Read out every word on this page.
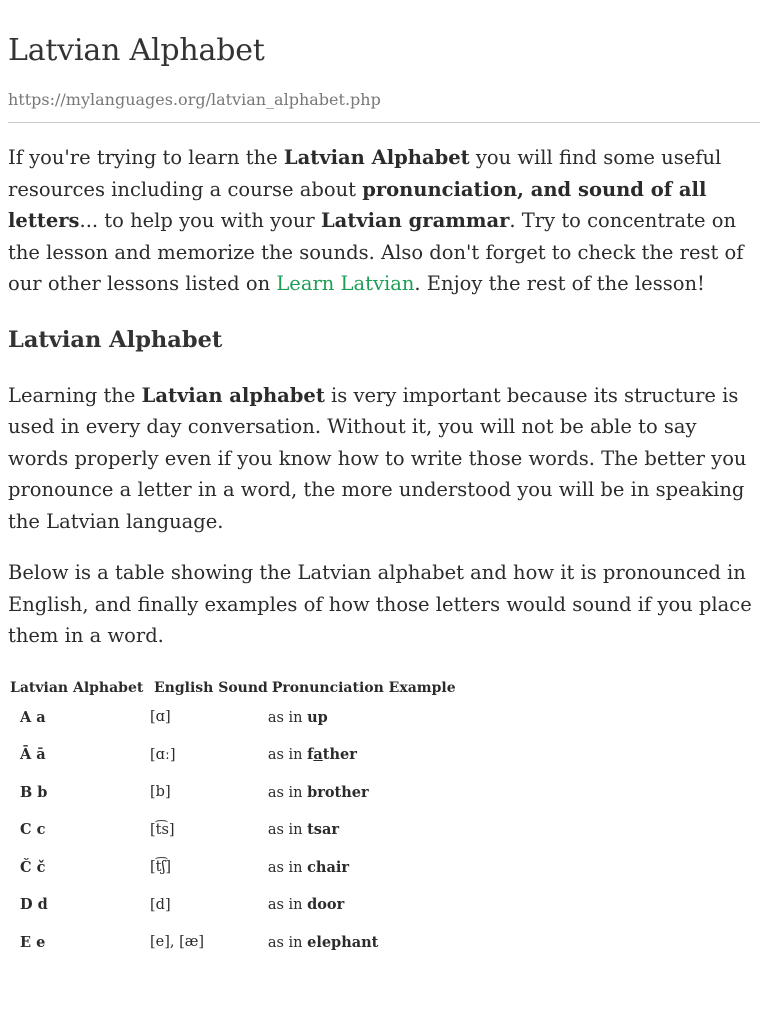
Latvian Alphabet
https://mylanguages.org/latvian_alphabet.php

If you're trying to learn the Latvian Alphabet you will find some useful resources including a course about pronunciation, and sound of all letters... to help you with your Latvian grammar. Try to concentrate on the lesson and memorize the sounds. Also don't forget to check the rest of our other lessons listed on Learn Latvian. Enjoy the rest of the lesson!

Latvian Alphabet

Learning the Latvian alphabet is very important because its structure is used in every day conversation. Without it, you will not be able to say words properly even if you know how to write those words. The better you pronounce a letter in a word, the more understood you will be in speaking the Latvian language.

Below is a table showing the Latvian alphabet and how it is pronounced in English, and finally examples of how those letters would sound if you place them in a word.

Latvian Alphabet	English Sound	Pronunciation Example
A a	[ɑ]	as in up
Ā ā	[ɑː]	as in father
B b	[b]	as in brother
C c	[t͡s]	as in tsar
Č č	[t͡ʃ]	as in chair
D d	[d]	as in door
E e	[e], [æ]	as in elephant
